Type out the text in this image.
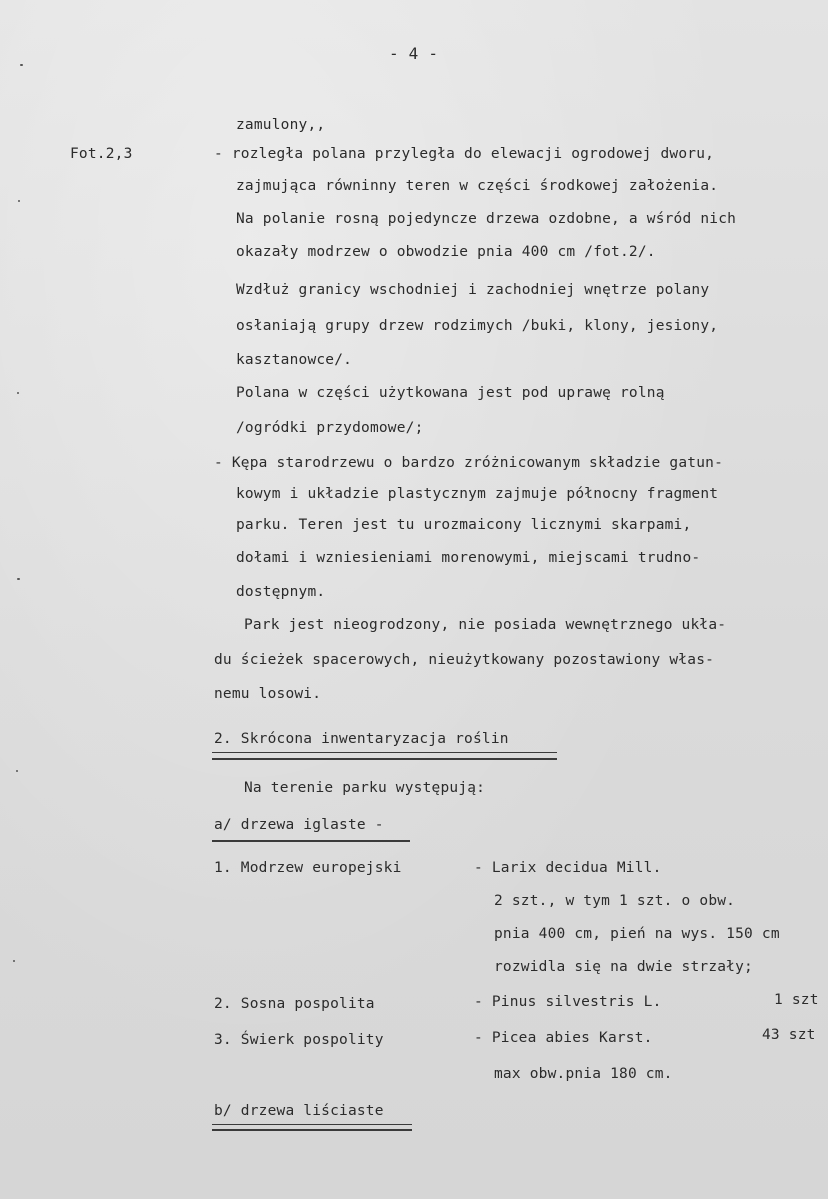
- 4 -
Fot.2,3
zamulony,,
- rozległa polana przyległa do elewacji ogrodowej dworu,
zajmująca równinny teren w części środkowej założenia.
Na polanie rosną pojedyncze drzewa ozdobne, a wśród nich
okazały modrzew o obwodzie pnia 400 cm /fot.2/.
Wzdłuż granicy wschodniej i zachodniej wnętrze polany
osłaniają grupy drzew rodzimych /buki, klony, jesiony,
kasztanowce/.
Polana w części użytkowana jest pod uprawę rolną
/ogródki przydomowe/;
- Kępa starodrzewu o bardzo zróżnicowanym składzie gatun-
kowym i układzie plastycznym zajmuje północny fragment
parku. Teren jest tu urozmaicony licznymi skarpami,
dołami i wzniesieniami morenowymi, miejscami trudno-
dostępnym.
Park jest nieogrodzony, nie posiada wewnętrznego ukła-
du ścieżek spacerowych, nieużytkowany pozostawiony włas-
nemu losowi.
2. Skrócona inwentaryzacja roślin
Na terenie parku występują:
a/ drzewa iglaste -
1. Modrzew europejski	- Larix decidua Mill.
2 szt., w tym 1 szt. o obw.
pnia 400 cm, pień na wys. 150 cm
rozwidla się na dwie strzały;
2. Sosna pospolita	- Pinus silvestris L.	1 szt
3. Świerk pospolity	- Picea abies Karst.	43 szt
max obw.pnia 180 cm.
b/ drzewa liściaste
